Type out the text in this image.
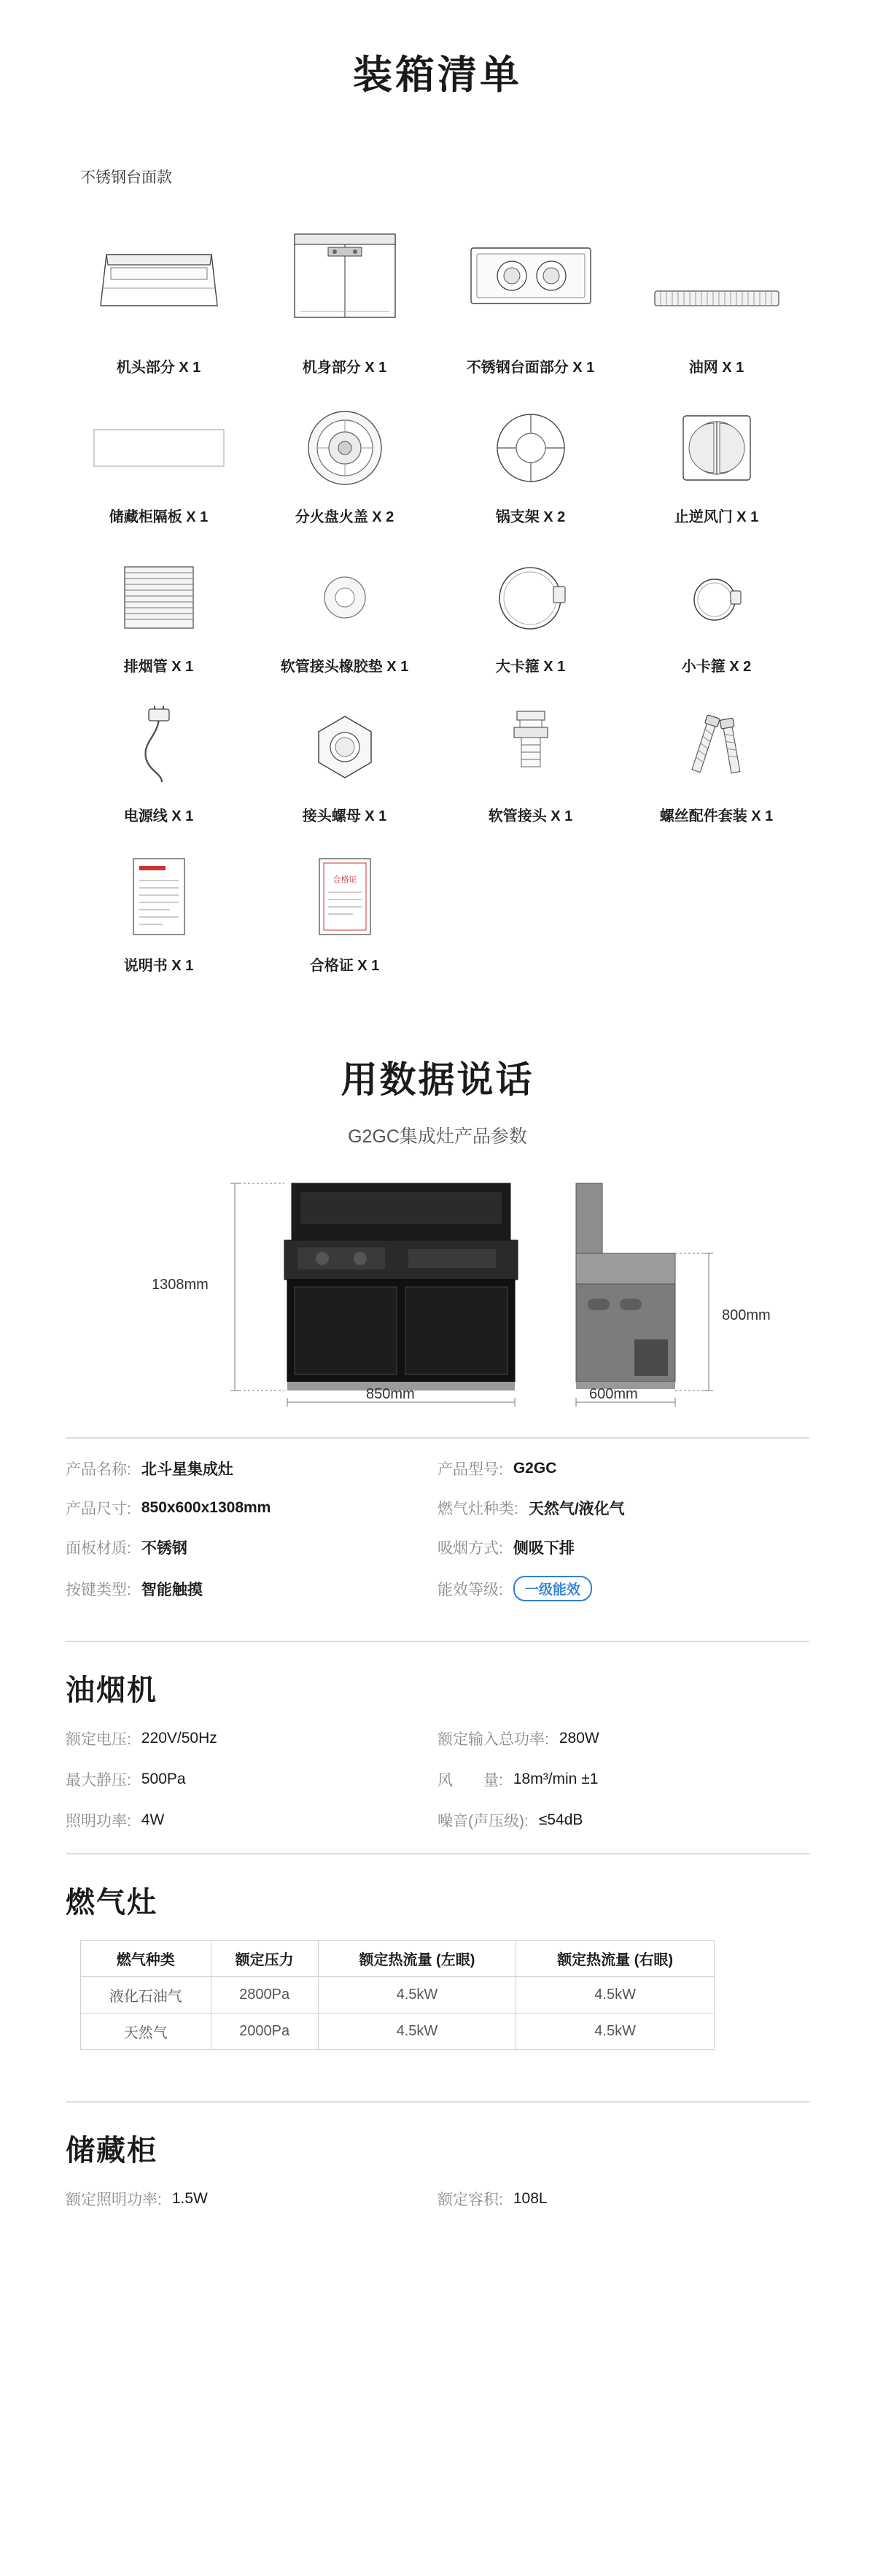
装箱清单
不锈钢台面款
机头部分 X 1	机身部分 X 1	不锈钢台面部分 X 1	油网 X 1
储藏柜隔板 X 1	分火盘火盖 X 2	锅支架 X 2	止逆风门 X 1
排烟管 X 1	软管接头橡胶垫 X 1	大卡箍 X 1	小卡箍 X 2
电源线 X 1	接头螺母 X 1	软管接头 X 1	螺丝配件套装 X 1
说明书 X 1
合格证
合格证 X 1
用数据说话
G2GC集成灶产品参数
1308mm
850mm	600mm
800mm
产品名称: 北斗星集成灶	产品型号: G2GC
产品尺寸: 850x600x1308mm	燃气灶种类: 天然气/液化气
面板材质: 不锈钢	吸烟方式: 侧吸下排
按键类型: 智能触摸	能效等级:	一级能效
油烟机
额定电压: 220V/50Hz	额定输入总功率: 280W
最大静压: 500Pa	风　　量: 18m³/min ±1
照明功率: 4W	噪音(声压级): ≤54dB
燃气灶
燃气种类	额定压力	额定热流量 (左眼)	额定热流量 (右眼)
液化石油气	2800Pa	4.5kW	4.5kW
天然气	2000Pa	4.5kW	4.5kW
储藏柜
额定照明功率: 1.5W	额定容积: 108L
